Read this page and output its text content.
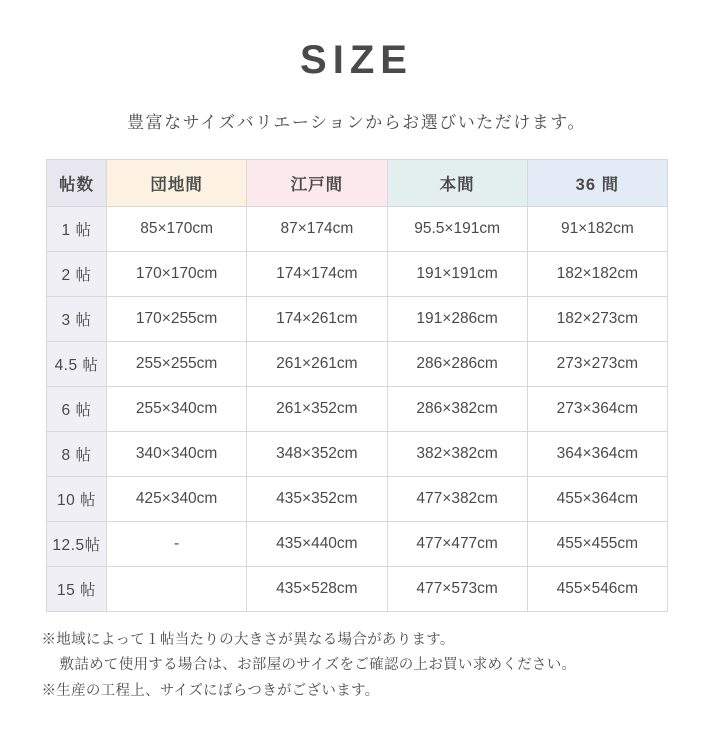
SIZE

豊富なサイズバリエーションからお選びいただけます。

帖数	団地間	江戸間	本間	36 間
1 帖	85×170cm	87×174cm	95.5×191cm	91×182cm
2 帖	170×170cm	174×174cm	191×191cm	182×182cm
3 帖	170×255cm	174×261cm	191×286cm	182×273cm
4.5 帖	255×255cm	261×261cm	286×286cm	273×273cm
6 帖	255×340cm	261×352cm	286×382cm	273×364cm
8 帖	340×340cm	348×352cm	382×382cm	364×364cm
10 帖	425×340cm	435×352cm	477×382cm	455×364cm
12.5帖	-	435×440cm	477×477cm	455×455cm
15 帖		435×528cm	477×573cm	455×546cm

※地域によって１帖当たりの大きさが異なる場合があります。

敷詰めて使用する場合は、お部屋のサイズをご確認の上お買い求めください。

※生産の工程上、サイズにばらつきがございます。
